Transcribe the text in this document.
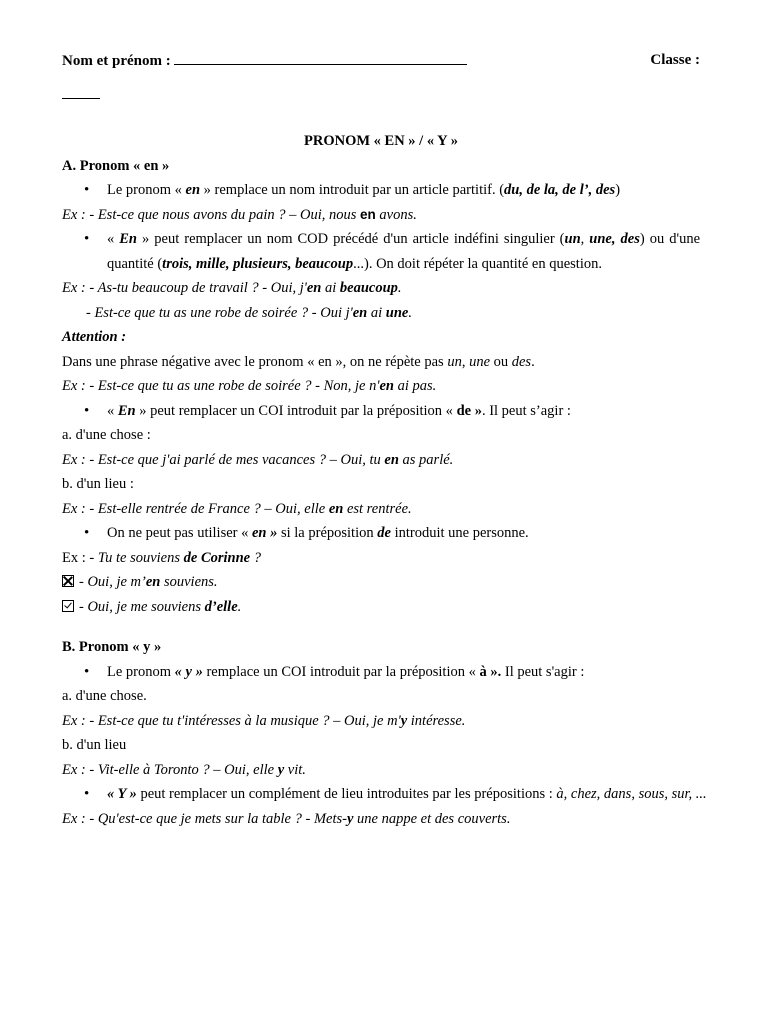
Nom et prénom :	Classe :
PRONOM « EN » / « Y »
A. Pronom « en »
• Le pronom « en » remplace un nom introduit par un article partitif. (du, de la, de l’, des)
Ex : - Est-ce que nous avons du pain ? – Oui, nous en avons.
• « En » peut remplacer un nom COD précédé d'un article indéfini singulier (un, une, des) ou d'une quantité (trois, mille, plusieurs, beaucoup...). On doit répéter la quantité en question.
Ex : - As-tu beaucoup de travail ? - Oui, j'en ai beaucoup.
- Est-ce que tu as une robe de soirée ? - Oui j'en ai une.
Attention :
Dans une phrase négative avec le pronom « en », on ne répète pas un, une ou des.
Ex : - Est-ce que tu as une robe de soirée ? - Non, je n'en ai pas.
• « En » peut remplacer un COI introduit par la préposition « de ». Il peut s’agir :
a. d'une chose :
Ex : - Est-ce que j'ai parlé de mes vacances ? – Oui, tu en as parlé.
b. d'un lieu :
Ex : - Est-elle rentrée de France ? – Oui, elle en est rentrée.
• On ne peut pas utiliser « en » si la préposition de introduit une personne.
Ex : - Tu te souviens de Corinne ?
- Oui, je m’en souviens.
- Oui, je me souviens d’elle.
B. Pronom « y »
• Le pronom « y » remplace un COI introduit par la préposition « à ». Il peut s'agir :
a. d'une chose.
Ex : - Est-ce que tu t'intéresses à la musique ? – Oui, je m'y intéresse.
b. d'un lieu
Ex : - Vit-elle à Toronto ? – Oui, elle y vit.
• « Y » peut remplacer un complément de lieu introduites par les prépositions : à, chez, dans, sous, sur, ...
Ex : - Qu'est-ce que je mets sur la table ? - Mets-y une nappe et des couverts.
